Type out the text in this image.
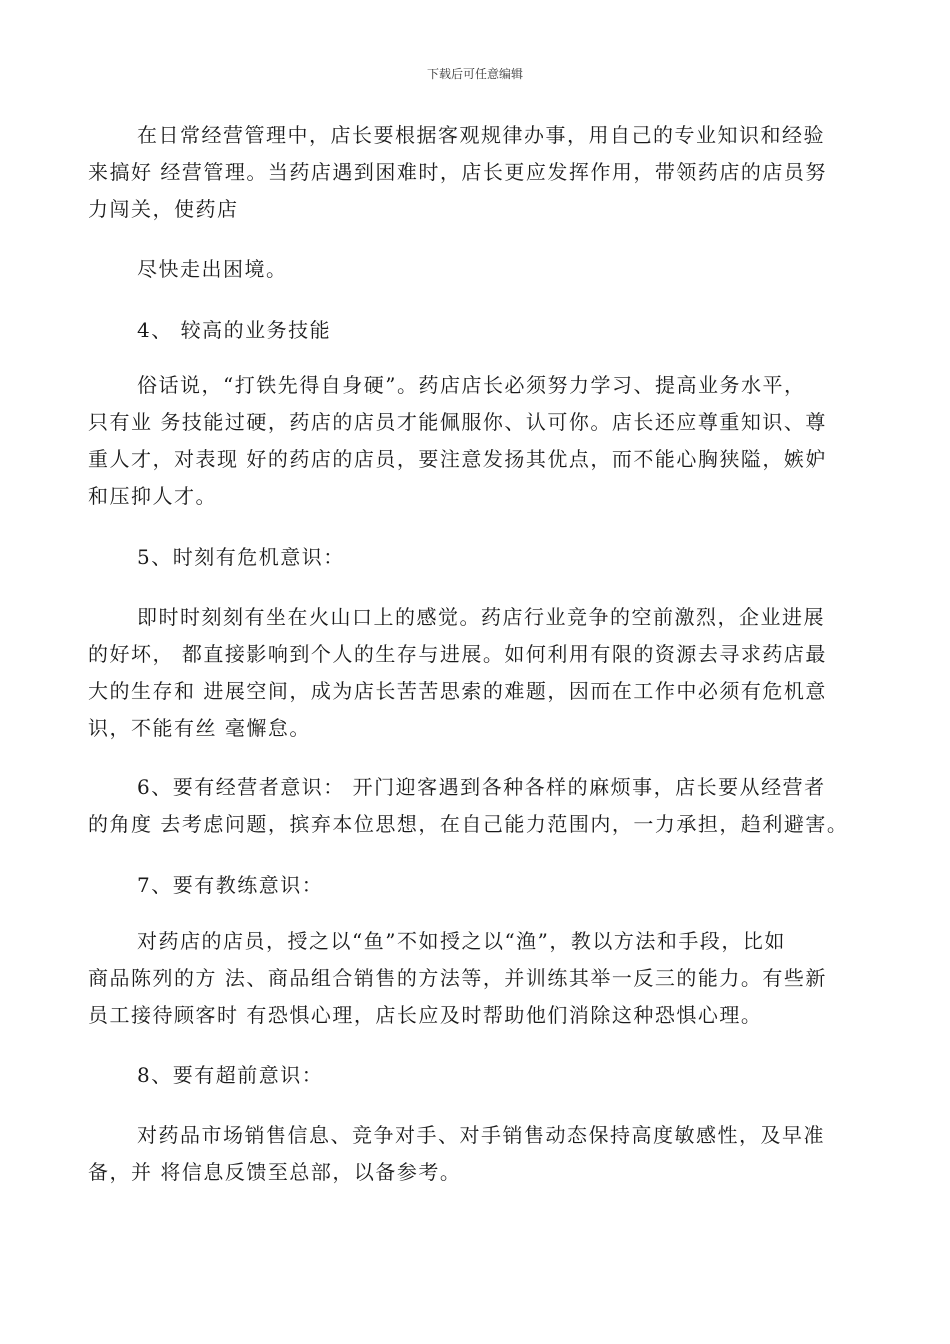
下载后可任意编辑
在日常经营管理中，店长要根据客观规律办事，用自己的专业知识和经验
来搞好 经营管理。当药店遇到困难时，店长更应发挥作用，带领药店的店员努
力闯关，使药店
尽快走出困境。
4、 较高的业务技能
俗话说，“打铁先得自身硬”。药店店长必须努力学习、提高业务水平，
只有业 务技能过硬，药店的店员才能佩服你、认可你。店长还应尊重知识、尊
重人才，对表现 好的药店的店员，要注意发扬其优点，而不能心胸狭隘，嫉妒
和压抑人才。
5、时刻有危机意识：
即时时刻刻有坐在火山口上的感觉。药店行业竞争的空前激烈，企业进展
的好坏， 都直接影响到个人的生存与进展。如何利用有限的资源去寻求药店最
大的生存和 进展空间，成为店长苦苦思索的难题，因而在工作中必须有危机意
识，不能有丝 毫懈怠。
6、要有经营者意识： 开门迎客遇到各种各样的麻烦事，店长要从经营者
的角度 去考虑问题，摈弃本位思想，在自己能力范围内，一力承担，趋利避害。
7、要有教练意识：
对药店的店员，授之以“鱼”不如授之以“渔”，教以方法和手段，比如
商品陈列的方 法、商品组合销售的方法等，并训练其举一反三的能力。有些新
员工接待顾客时 有恐惧心理，店长应及时帮助他们消除这种恐惧心理。
8、要有超前意识：
对药品市场销售信息、竞争对手、对手销售动态保持高度敏感性，及早准
备，并 将信息反馈至总部，以备参考。
